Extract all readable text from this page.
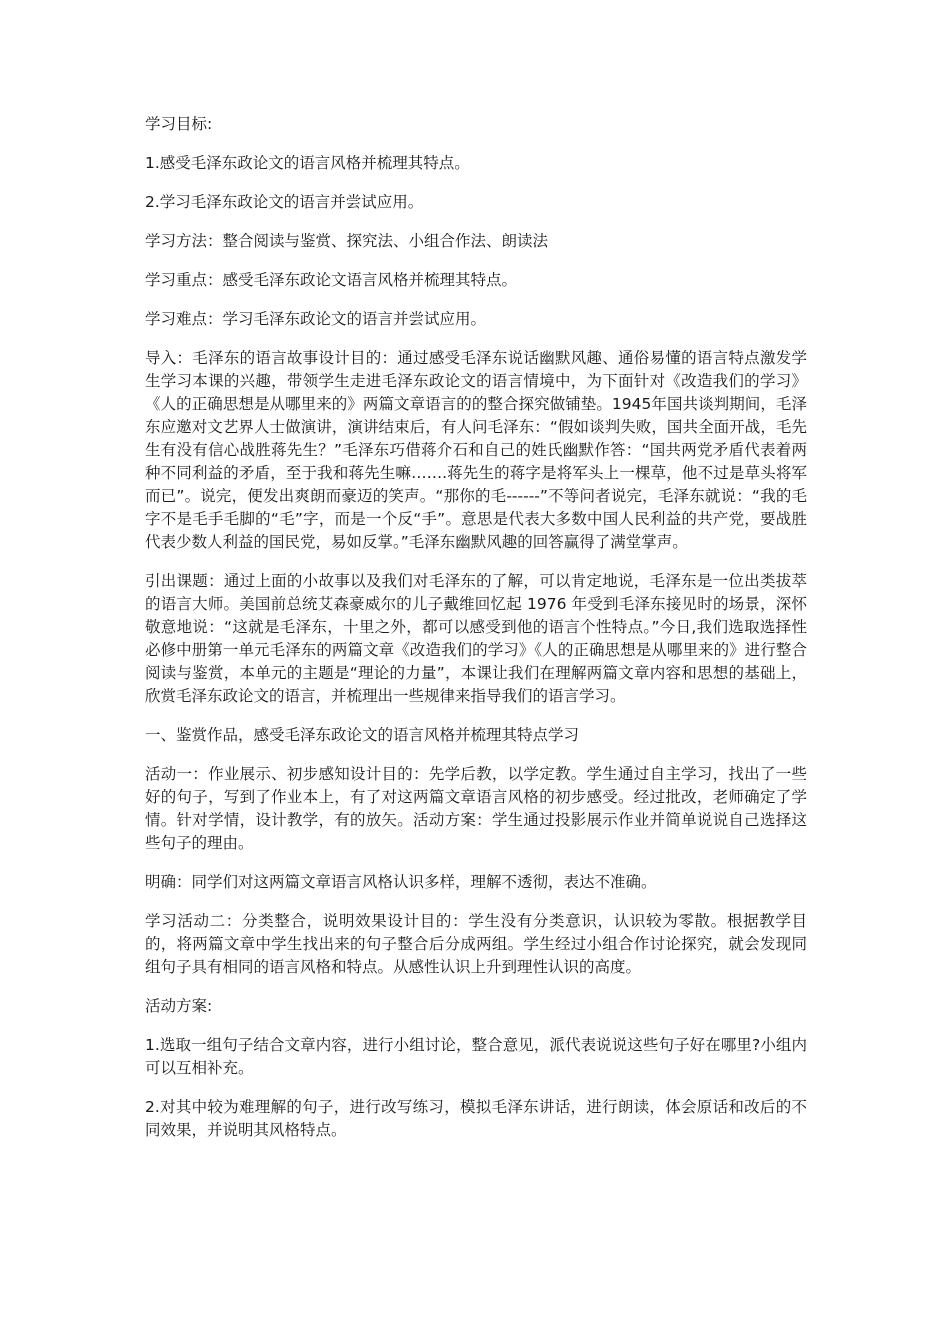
学习目标:

1.感受毛泽东政论文的语言风格并梳理其特点。

2.学习毛泽东政论文的语言并尝试应用。

学习方法：整合阅读与鉴赏、探究法、小组合作法、朗读法

学习重点：感受毛泽东政论文语言风格并梳理其特点。

学习难点：学习毛泽东政论文的语言并尝试应用。

导入：毛泽东的语言故事设计目的：通过感受毛泽东说话幽默风趣、通俗易懂的语言特点激发学生学习本课的兴趣，带领学生走进毛泽东政论文的语言情境中，为下面针对《改造我们的学习》《人的正确思想是从哪里来的》两篇文章语言的的整合探究做铺垫。1945年国共谈判期间，毛泽东应邀对文艺界人士做演讲，演讲结束后，有人问毛泽东：“假如谈判失败，国共全面开战，毛先生有没有信心战胜蒋先生？”毛泽东巧借蒋介石和自己的姓氏幽默作答：“国共两党矛盾代表着两种不同利益的矛盾，至于我和蒋先生嘛…….蒋先生的蒋字是将军头上一棵草，他不过是草头将军而已”。说完，便发出爽朗而豪迈的笑声。“那你的毛------”不等问者说完，毛泽东就说：“我的毛字不是毛手毛脚的“毛”字，而是一个反“手”。意思是代表大多数中国人民利益的共产党，要战胜代表少数人利益的国民党，易如反掌。”毛泽东幽默风趣的回答赢得了满堂掌声。

引出课题：通过上面的小故事以及我们对毛泽东的了解，可以肯定地说，毛泽东是一位出类拔萃的语言大师。美国前总统艾森豪威尔的儿子戴维回忆起 1976 年受到毛泽东接见时的场景，深怀敬意地说：“这就是毛泽东，十里之外，都可以感受到他的语言个性特点。”今日,我们选取选择性必修中册第一单元毛泽东的两篇文章《改造我们的学习》《人的正确思想是从哪里来的》进行整合阅读与鉴赏，本单元的主题是“理论的力量”，本课让我们在理解两篇文章内容和思想的基础上，欣赏毛泽东政论文的语言，并梳理出一些规律来指导我们的语言学习。

一、鉴赏作品，感受毛泽东政论文的语言风格并梳理其特点学习

活动一：作业展示、初步感知设计目的：先学后教，以学定教。学生通过自主学习，找出了一些好的句子，写到了作业本上，有了对这两篇文章语言风格的初步感受。经过批改，老师确定了学情。针对学情，设计教学，有的放矢。活动方案：学生通过投影展示作业并简单说说自己选择这些句子的理由。

明确：同学们对这两篇文章语言风格认识多样，理解不透彻，表达不准确。

学习活动二：分类整合，说明效果设计目的：学生没有分类意识，认识较为零散。根据教学目的，将两篇文章中学生找出来的句子整合后分成两组。学生经过小组合作讨论探究，就会发现同组句子具有相同的语言风格和特点。从感性认识上升到理性认识的高度。

活动方案:

1.选取一组句子结合文章内容，进行小组讨论，整合意见，派代表说说这些句子好在哪里?小组内可以互相补充。

2.对其中较为难理解的句子，进行改写练习，模拟毛泽东讲话，进行朗读，体会原话和改后的不同效果，并说明其风格特点。
